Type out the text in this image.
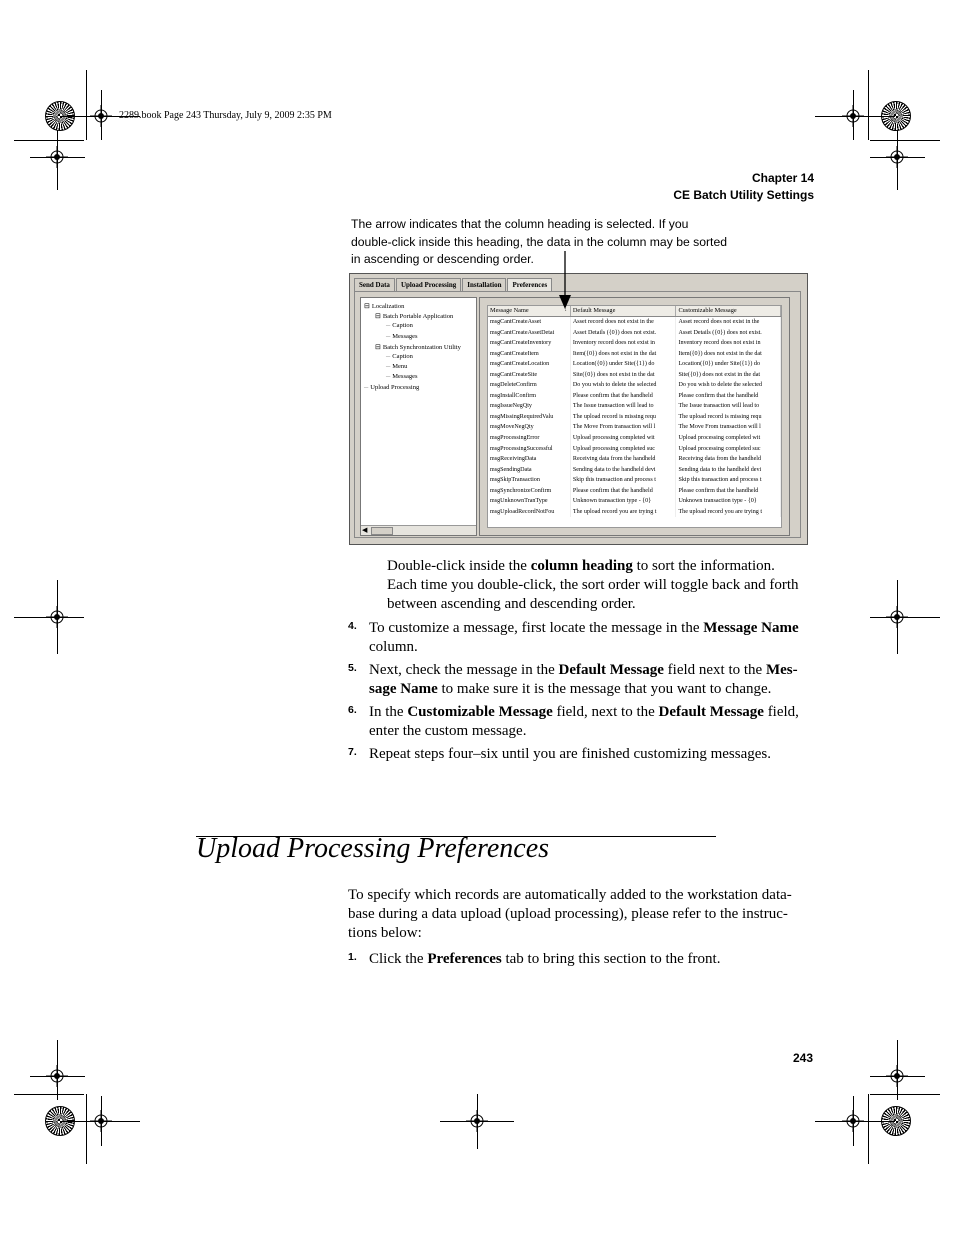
2289.book Page 243 Thursday, July 9, 2009 2:35 PM
Chapter 14
CE Batch Utility Settings
The arrow indicates that the column heading is selected. If you
double-click inside this heading, the data in the column may be sorted
in ascending or descending order.
Send Data	Upload Processing	Installation	Preferences
◀
⊟ Localization
⊟ Batch Portable Application
─ Caption
─ Messages
⊟ Batch Synchronization Utility
─ Caption
─ Menu
─ Messages
─ Upload Processing
Message Name	↓ Default Message	Customizable Message
msgCantCreateAsset	Asset record does not exist in the	Asset record does not exist in the
msgCantCreateAssetDetai	Asset Details ({0}) does not exist.	Asset Details ({0}) does not exist.
msgCantCreateInventory	Inventory record does not exist in	Inventory record does not exist in
msgCantCreateItem	Item({0}) does not exist in the dat	Item({0}) does not exist in the dat
msgCantCreateLocation	Location({0}) under Site({1}) do	Location({0}) under Site({1}) do
msgCantCreateSite	Site({0}) does not exist in the dat	Site({0}) does not exist in the dat
msgDeleteConfirm	Do you wish to delete the selected	Do you wish to delete the selected
msgInstallConfirm	Please confirm that the handheld	Please confirm that the handheld
msgIssueNegQty	The Issue transaction will lead to	The Issue transaction will lead to
msgMissingRequiredValu	The upload record is missing requ	The upload record is missing requ
msgMoveNegQty	The Move From transaction will l	The Move From transaction will l
msgProcessingError	Upload processing completed wit	Upload processing completed wit
msgProcessingSuccessful	Upload processing completed suc	Upload processing completed suc
msgReceivingData	Receiving data from the handheld	Receiving data from the handheld
msgSendingData	Sending data to the handheld devi	Sending data to the handheld devi
msgSkipTransaction	Skip this transaction and process t	Skip this transaction and process t
msgSynchronizeConfirm	Please confirm that the handheld	Please confirm that the handheld
msgUnknownTranType	Unknown transaction type - {0}	Unknown transaction type - {0}
msgUploadRecordNotFou	The upload record you are trying t	The upload record you are trying t
Double-click inside the column heading to sort the information.
Each time you double-click, the sort order will toggle back and forth
between ascending and descending order.
4. To customize a message, first locate the message in the Message Name
column.
5. Next, check the message in the Default Message field next to the Mes-
sage Name to make sure it is the message that you want to change.
6. In the Customizable Message field, next to the Default Message field,
enter the custom message.
7. Repeat steps four–six until you are finished customizing messages.
Upload Processing Preferences
To specify which records are automatically added to the workstation data-
base during a data upload (upload processing), please refer to the instruc-
tions below:
1. Click the Preferences tab to bring this section to the front.
243
